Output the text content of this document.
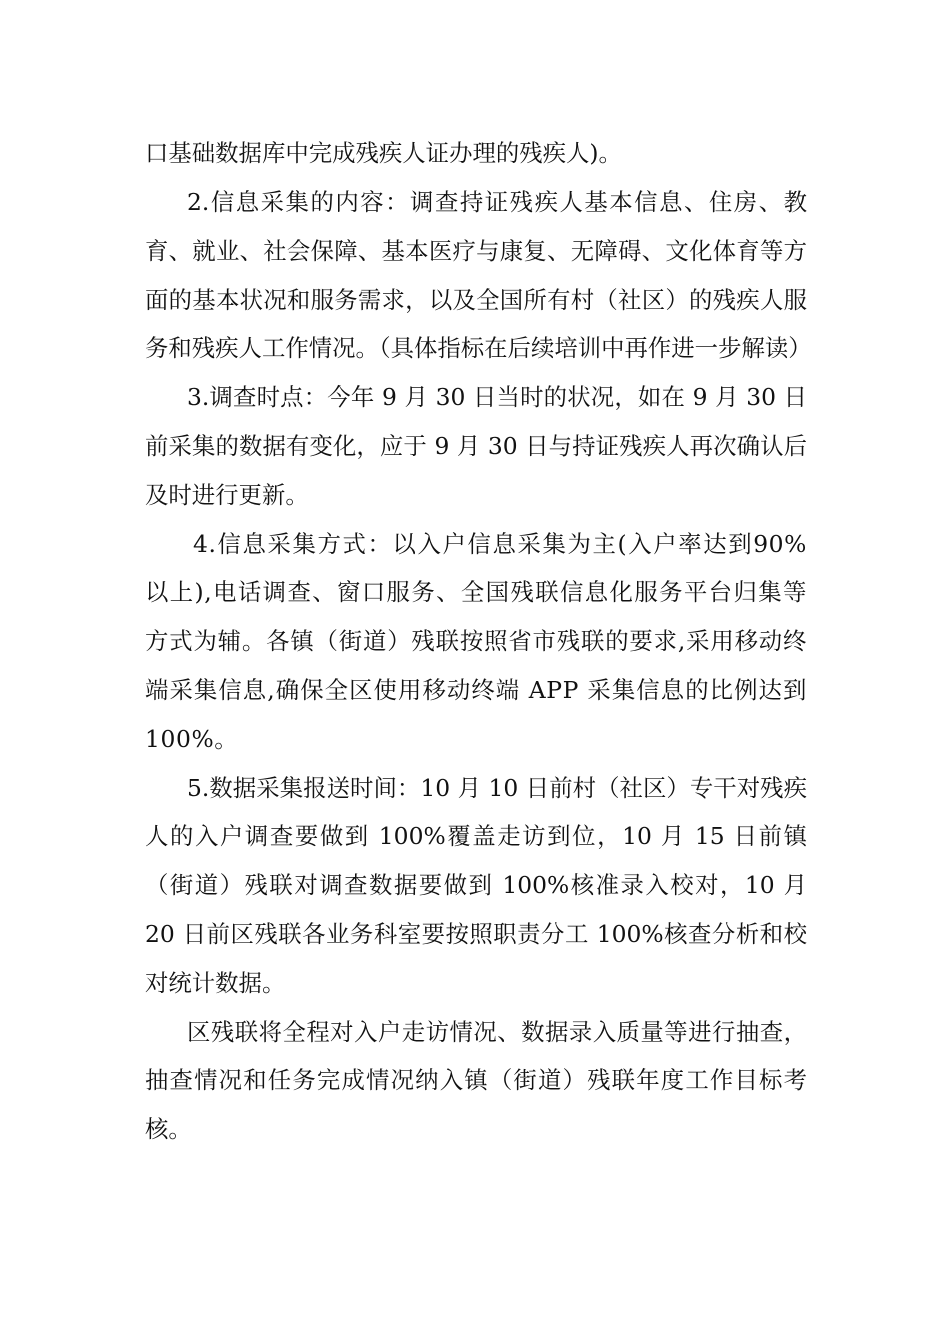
口基础数据库中完成残疾人证办理的残疾人)。

2.信息采集的内容：调查持证残疾人基本信息、住房、教育、就业、社会保障、基本医疗与康复、无障碍、文化体育等方面的基本状况和服务需求，以及全国所有村（社区）的残疾人服务和残疾人工作情况。（具体指标在后续培训中再作进一步解读）

3.调查时点：今年 9 月 30 日当时的状况，如在 9 月 30 日前采集的数据有变化，应于 9 月 30 日与持证残疾人再次确认后及时进行更新。

4.信息采集方式：以入户信息采集为主(入户率达到90%以上),电话调查、窗口服务、全国残联信息化服务平台归集等方式为辅。各镇（街道）残联按照省市残联的要求,采用移动终端采集信息,确保全区使用移动终端 APP 采集信息的比例达到 100%。

5.数据采集报送时间：10 月 10 日前村（社区）专干对残疾人的入户调查要做到 100%覆盖走访到位，10 月 15 日前镇（街道）残联对调查数据要做到 100%核准录入校对，10 月 20 日前区残联各业务科室要按照职责分工 100%核查分析和校对统计数据。

区残联将全程对入户走访情况、数据录入质量等进行抽查，抽查情况和任务完成情况纳入镇（街道）残联年度工作目标考核。
